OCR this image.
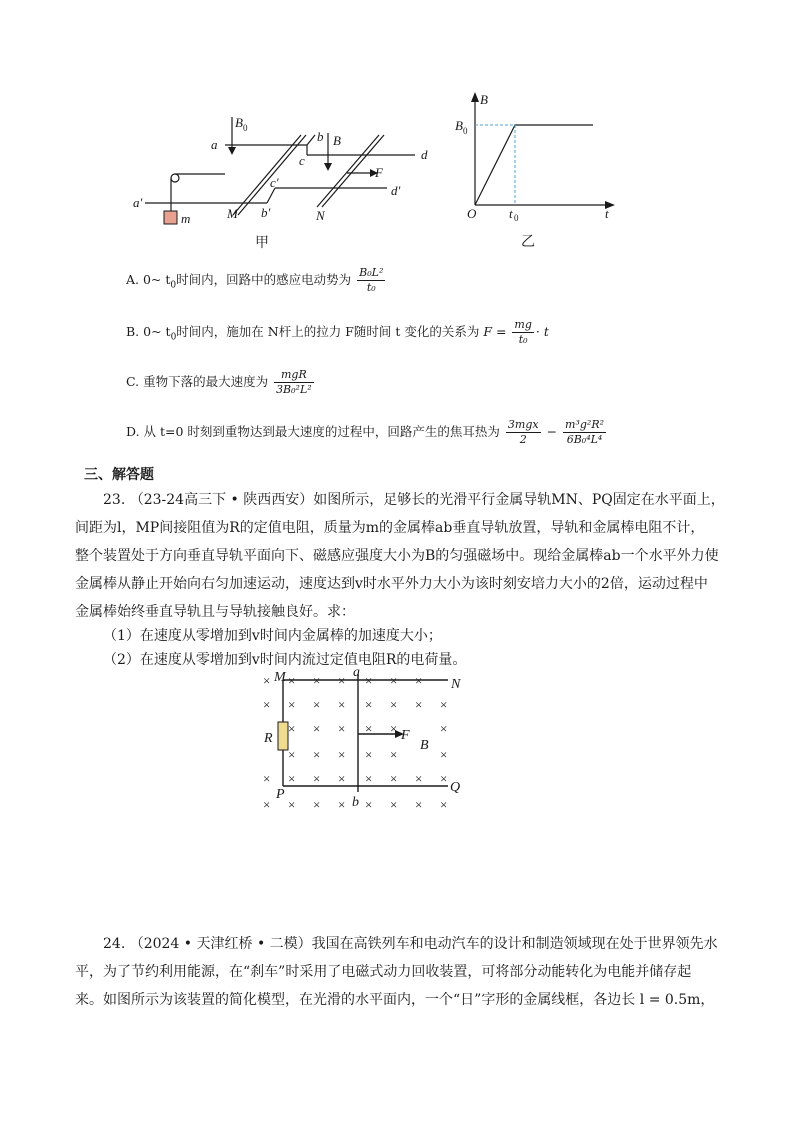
a
B 0
b B
c	d
F
d′
a′
c′
b′
M	N
m
甲
B
B 0
O	t 0	t
乙
A. 0~ $t_0$时间内，回路中的感应电动势为 $\frac{\text{B₀L²}}{\text{t₀}}$
B. 0~ $t_0$时间内，施加在 N杆上的拉力 F随时间 t 变化的关系为 $F = \frac{mg}{\text{t₀}} \cdot t$
C. 重物下落的最大速度为 $\frac{\text{mgR}}{\text{3B₀²L²}}$
D. 从 t=0 时刻到重物达到最大速度的过程中，回路产生的焦耳热为 $\frac{\text{3mgx}}{2} - \frac{\text{m³g²R²}}{\text{6B₀⁴L⁴}}$
三、解答题
23. （23-24高三下 • 陕西西安）如图所示，足够长的光滑平行金属导轨MN、PQ固定在水平面上，
间距为l，MP间接阻值为R的定值电阻，质量为m的金属棒ab垂直导轨放置，导轨和金属棒电阻不计，
整个装置处于方向垂直导轨平面向下、磁感应强度大小为B的匀强磁场中。现给金属棒ab一个水平外力使
金属棒从静止开始向右匀加速运动，速度达到v时水平外力大小为该时刻安培力大小的2倍，运动过程中
金属棒始终垂直导轨且与导轨接触良好。求：
（1）在速度从零增加到v时间内金属棒的加速度大小；
（2）在速度从零增加到v时间内流过定值电阻R的电荷量。
× × × × × × ×
× × × × × × × ×
× × × × ×	×
× × × × ×	×
× × × × × × × ×
× × × × × × × ×
M	a
N
R	F
B
P
b
Q
24. （2024 • 天津红桥 • 二模）我国在高铁列车和电动汽车的设计和制造领域现在处于世界领先水
平，为了节约利用能源，在“刹车”时采用了电磁式动力回收装置，可将部分动能转化为电能并储存起
来。如图所示为该装置的简化模型，在光滑的水平面内，一个“日”字形的金属线框，各边长 l = 0.5m，
